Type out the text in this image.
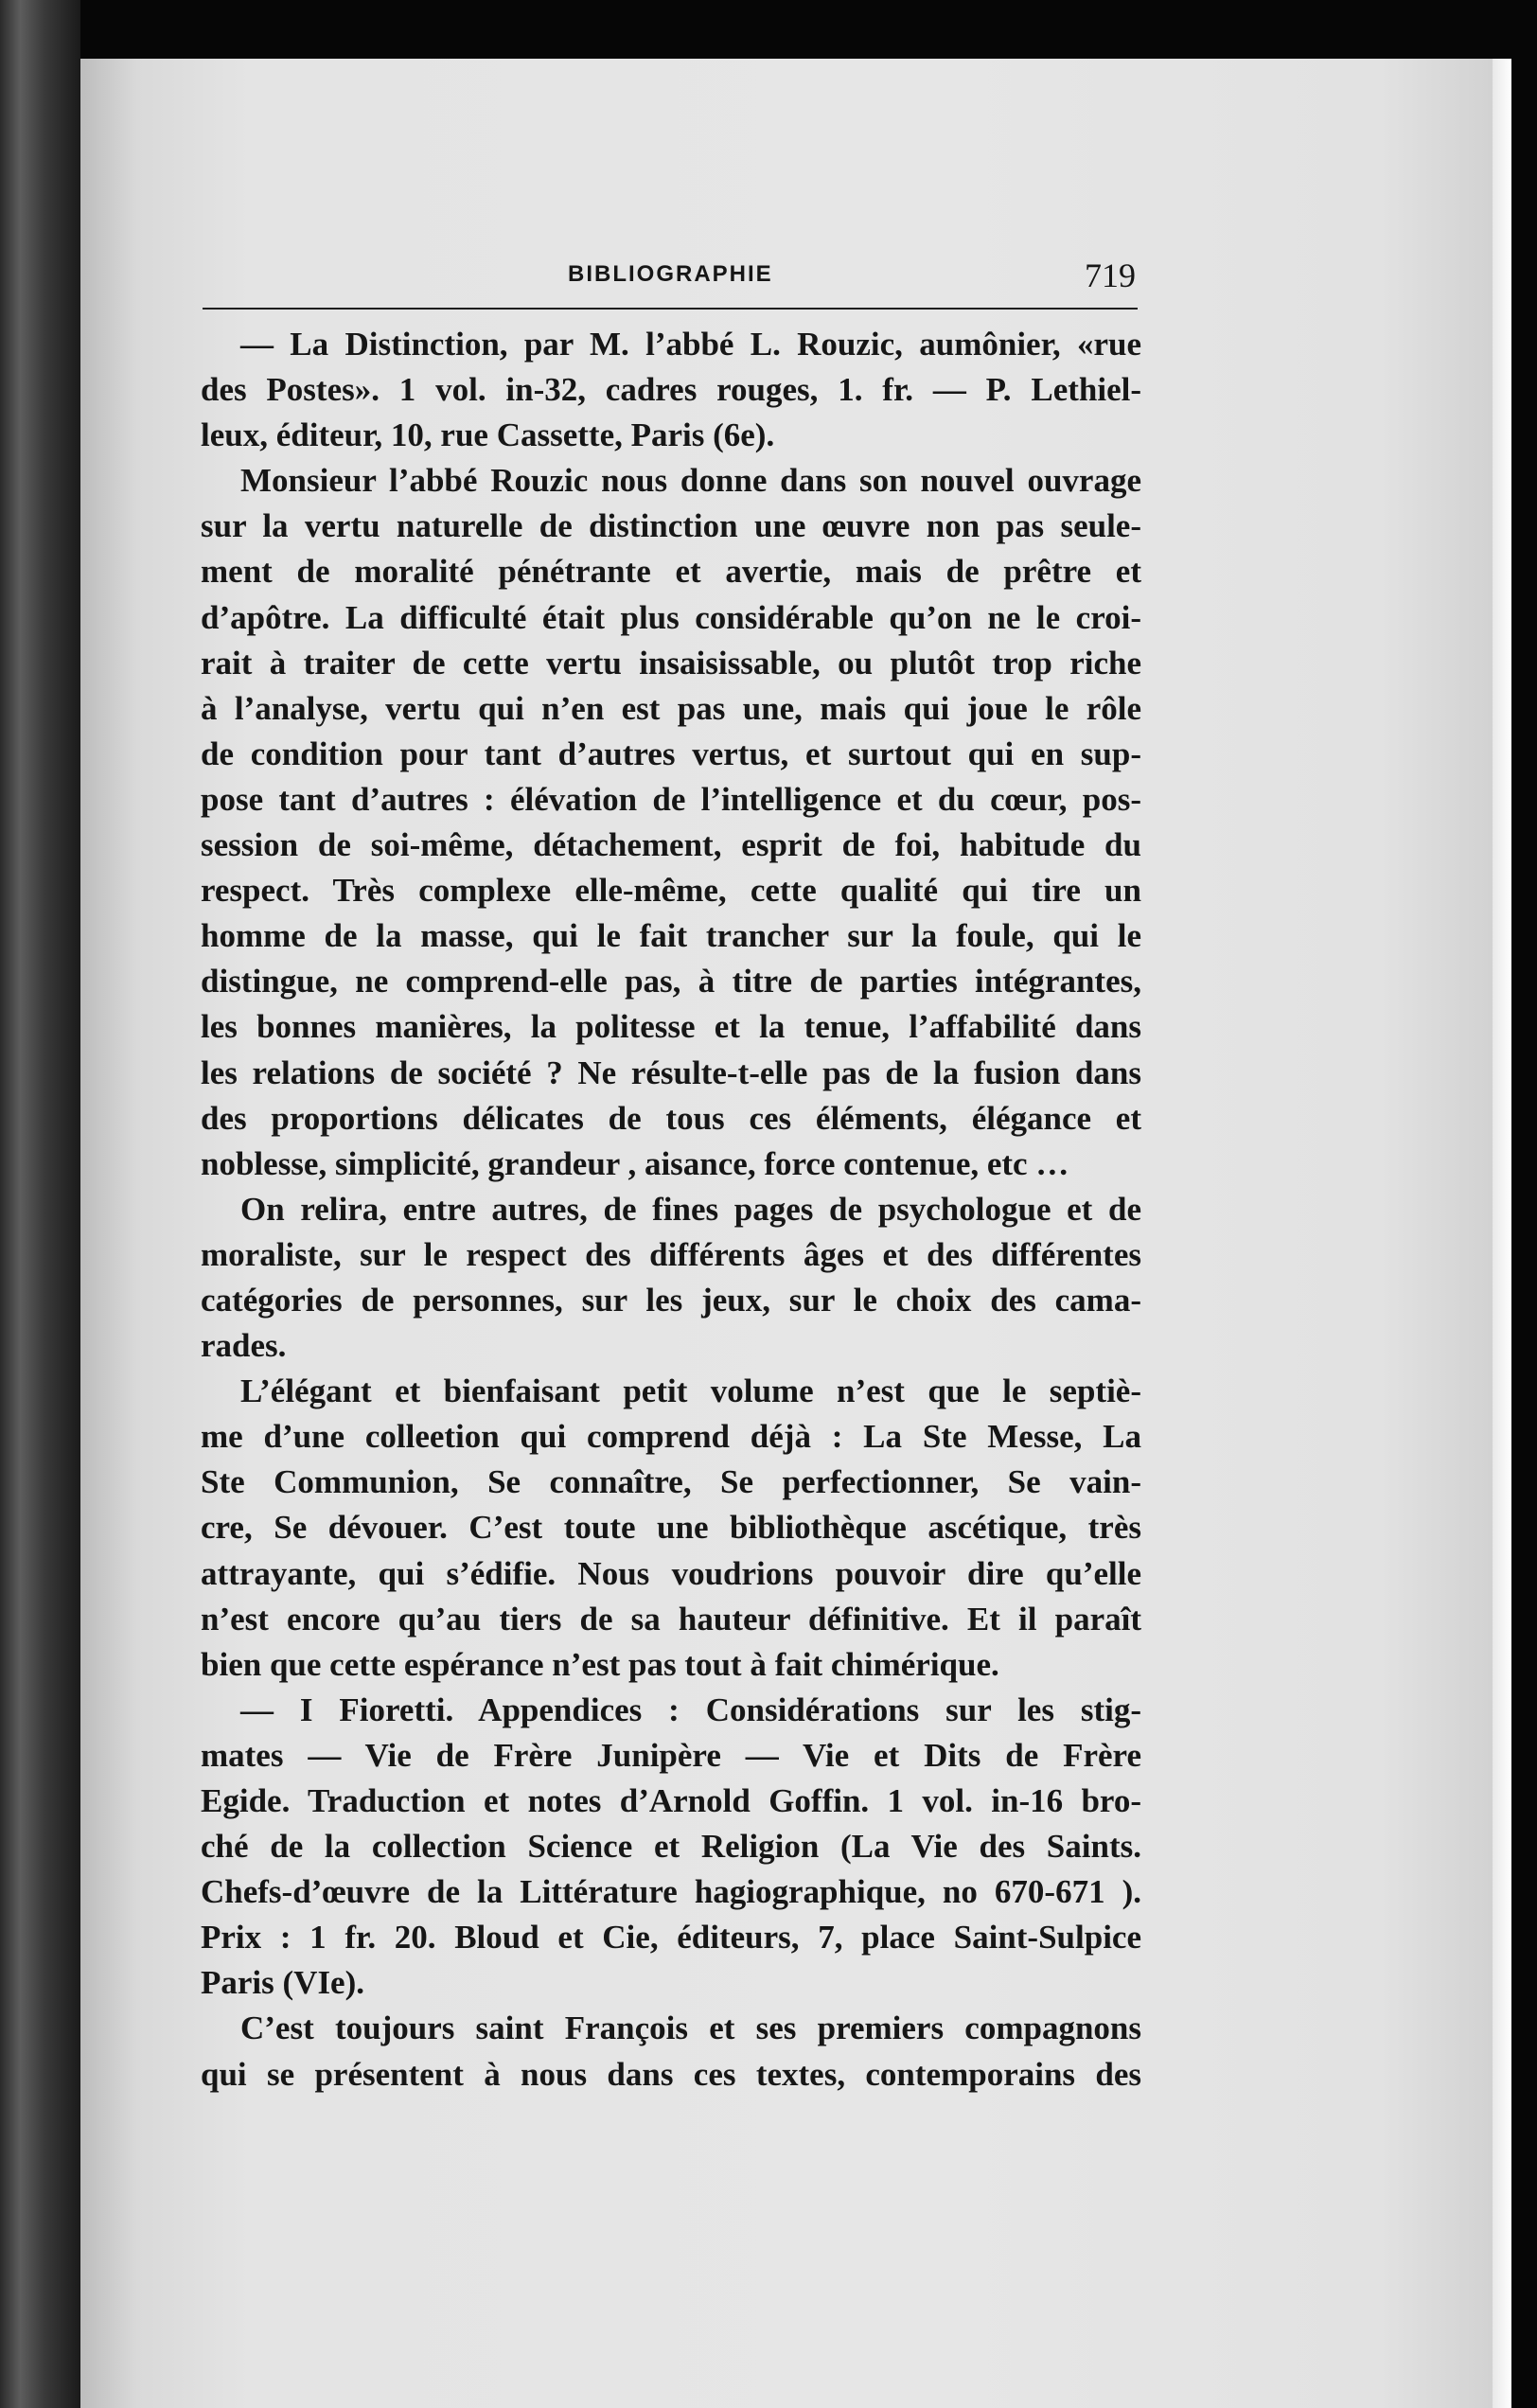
BIBLIOGRAPHIE	719
— La Distinction, par M. l’abbé L. Rouzic, aumônier, «rue
des Postes». 1 vol. in-32, cadres rouges, 1. fr. — P. Lethiel-
leux, éditeur, 10, rue Cassette, Paris (6e).
Monsieur l’abbé Rouzic nous donne dans son nouvel ouvrage
sur la vertu naturelle de distinction une œuvre non pas seule-
ment de moralité pénétrante et avertie, mais de prêtre et
d’apôtre. La difficulté était plus considérable qu’on ne le croi-
rait à traiter de cette vertu insaisissable, ou plutôt trop riche
à l’analyse, vertu qui n’en est pas une, mais qui joue le rôle
de condition pour tant d’autres vertus, et surtout qui en sup-
pose tant d’autres : élévation de l’intelligence et du cœur, pos-
session de soi-même, détachement, esprit de foi, habitude du
respect. Très complexe elle-même, cette qualité qui tire un
homme de la masse, qui le fait trancher sur la foule, qui le
distingue, ne comprend-elle pas, à titre de parties intégrantes,
les bonnes manières, la politesse et la tenue, l’affabilité dans
les relations de société ? Ne résulte-t-elle pas de la fusion dans
des proportions délicates de tous ces éléments, élégance et
noblesse, simplicité, grandeur , aisance, force contenue, etc …
On relira, entre autres, de fines pages de psychologue et de
moraliste, sur le respect des différents âges et des différentes
catégories de personnes, sur les jeux, sur le choix des cama-
rades.
L’élégant et bienfaisant petit volume n’est que le septiè-
me d’une colleetion qui comprend déjà : La Ste Messe, La
Ste Communion, Se connaître, Se perfectionner, Se vain-
cre, Se dévouer. C’est toute une bibliothèque ascétique, très
attrayante, qui s’édifie. Nous voudrions pouvoir dire qu’elle
n’est encore qu’au tiers de sa hauteur définitive. Et il paraît
bien que cette espérance n’est pas tout à fait chimérique.
— I Fioretti. Appendices : Considérations sur les stig-
mates — Vie de Frère Junipère — Vie et Dits de Frère
Egide. Traduction et notes d’Arnold Goffin. 1 vol. in-16 bro-
ché de la collection Science et Religion (La Vie des Saints.
Chefs-d’œuvre de la Littérature hagiographique, no 670-671 ).
Prix : 1 fr. 20. Bloud et Cie, éditeurs, 7, place Saint-Sulpice
Paris (VIe).
C’est toujours saint François et ses premiers compagnons
qui se présentent à nous dans ces textes, contemporains des
